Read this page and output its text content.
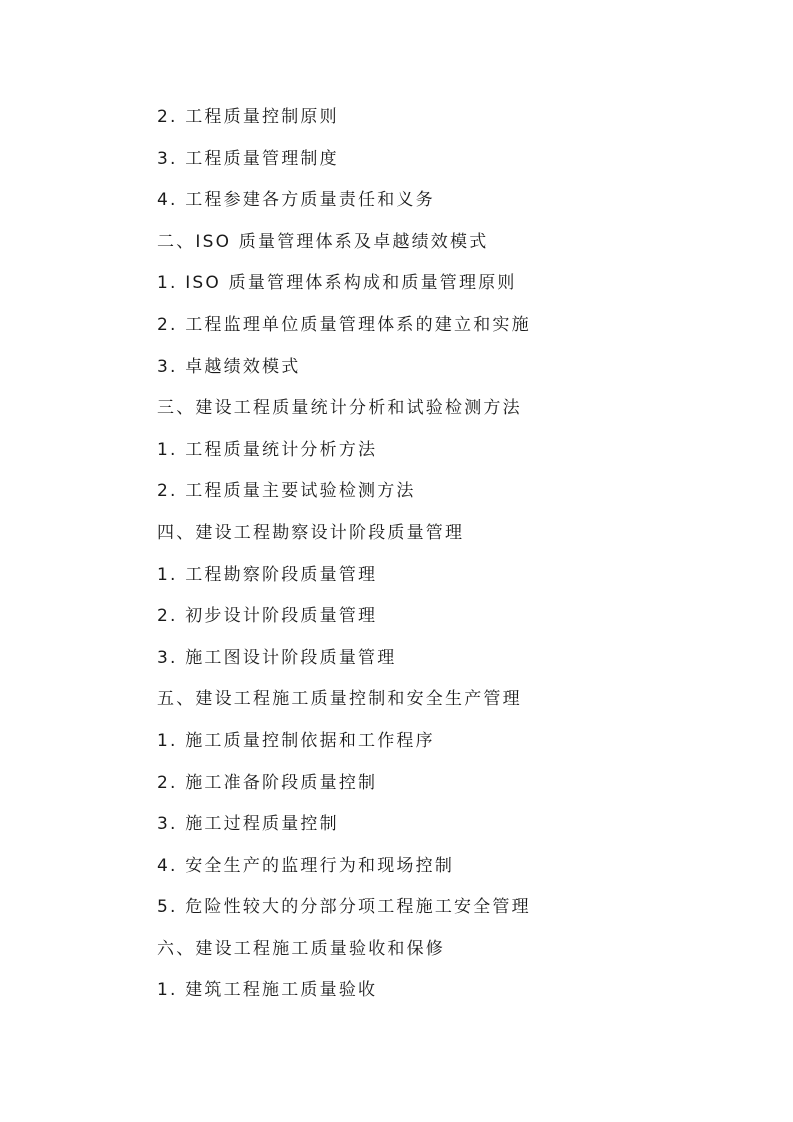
2. 工程质量控制原则
3. 工程质量管理制度
4. 工程参建各方质量责任和义务
二、ISO 质量管理体系及卓越绩效模式
1. ISO 质量管理体系构成和质量管理原则
2. 工程监理单位质量管理体系的建立和实施
3. 卓越绩效模式
三、建设工程质量统计分析和试验检测方法
1. 工程质量统计分析方法
2. 工程质量主要试验检测方法
四、建设工程勘察设计阶段质量管理
1. 工程勘察阶段质量管理
2. 初步设计阶段质量管理
3. 施工图设计阶段质量管理
五、建设工程施工质量控制和安全生产管理
1. 施工质量控制依据和工作程序
2. 施工准备阶段质量控制
3. 施工过程质量控制
4. 安全生产的监理行为和现场控制
5. 危险性较大的分部分项工程施工安全管理
六、建设工程施工质量验收和保修
1. 建筑工程施工质量验收
